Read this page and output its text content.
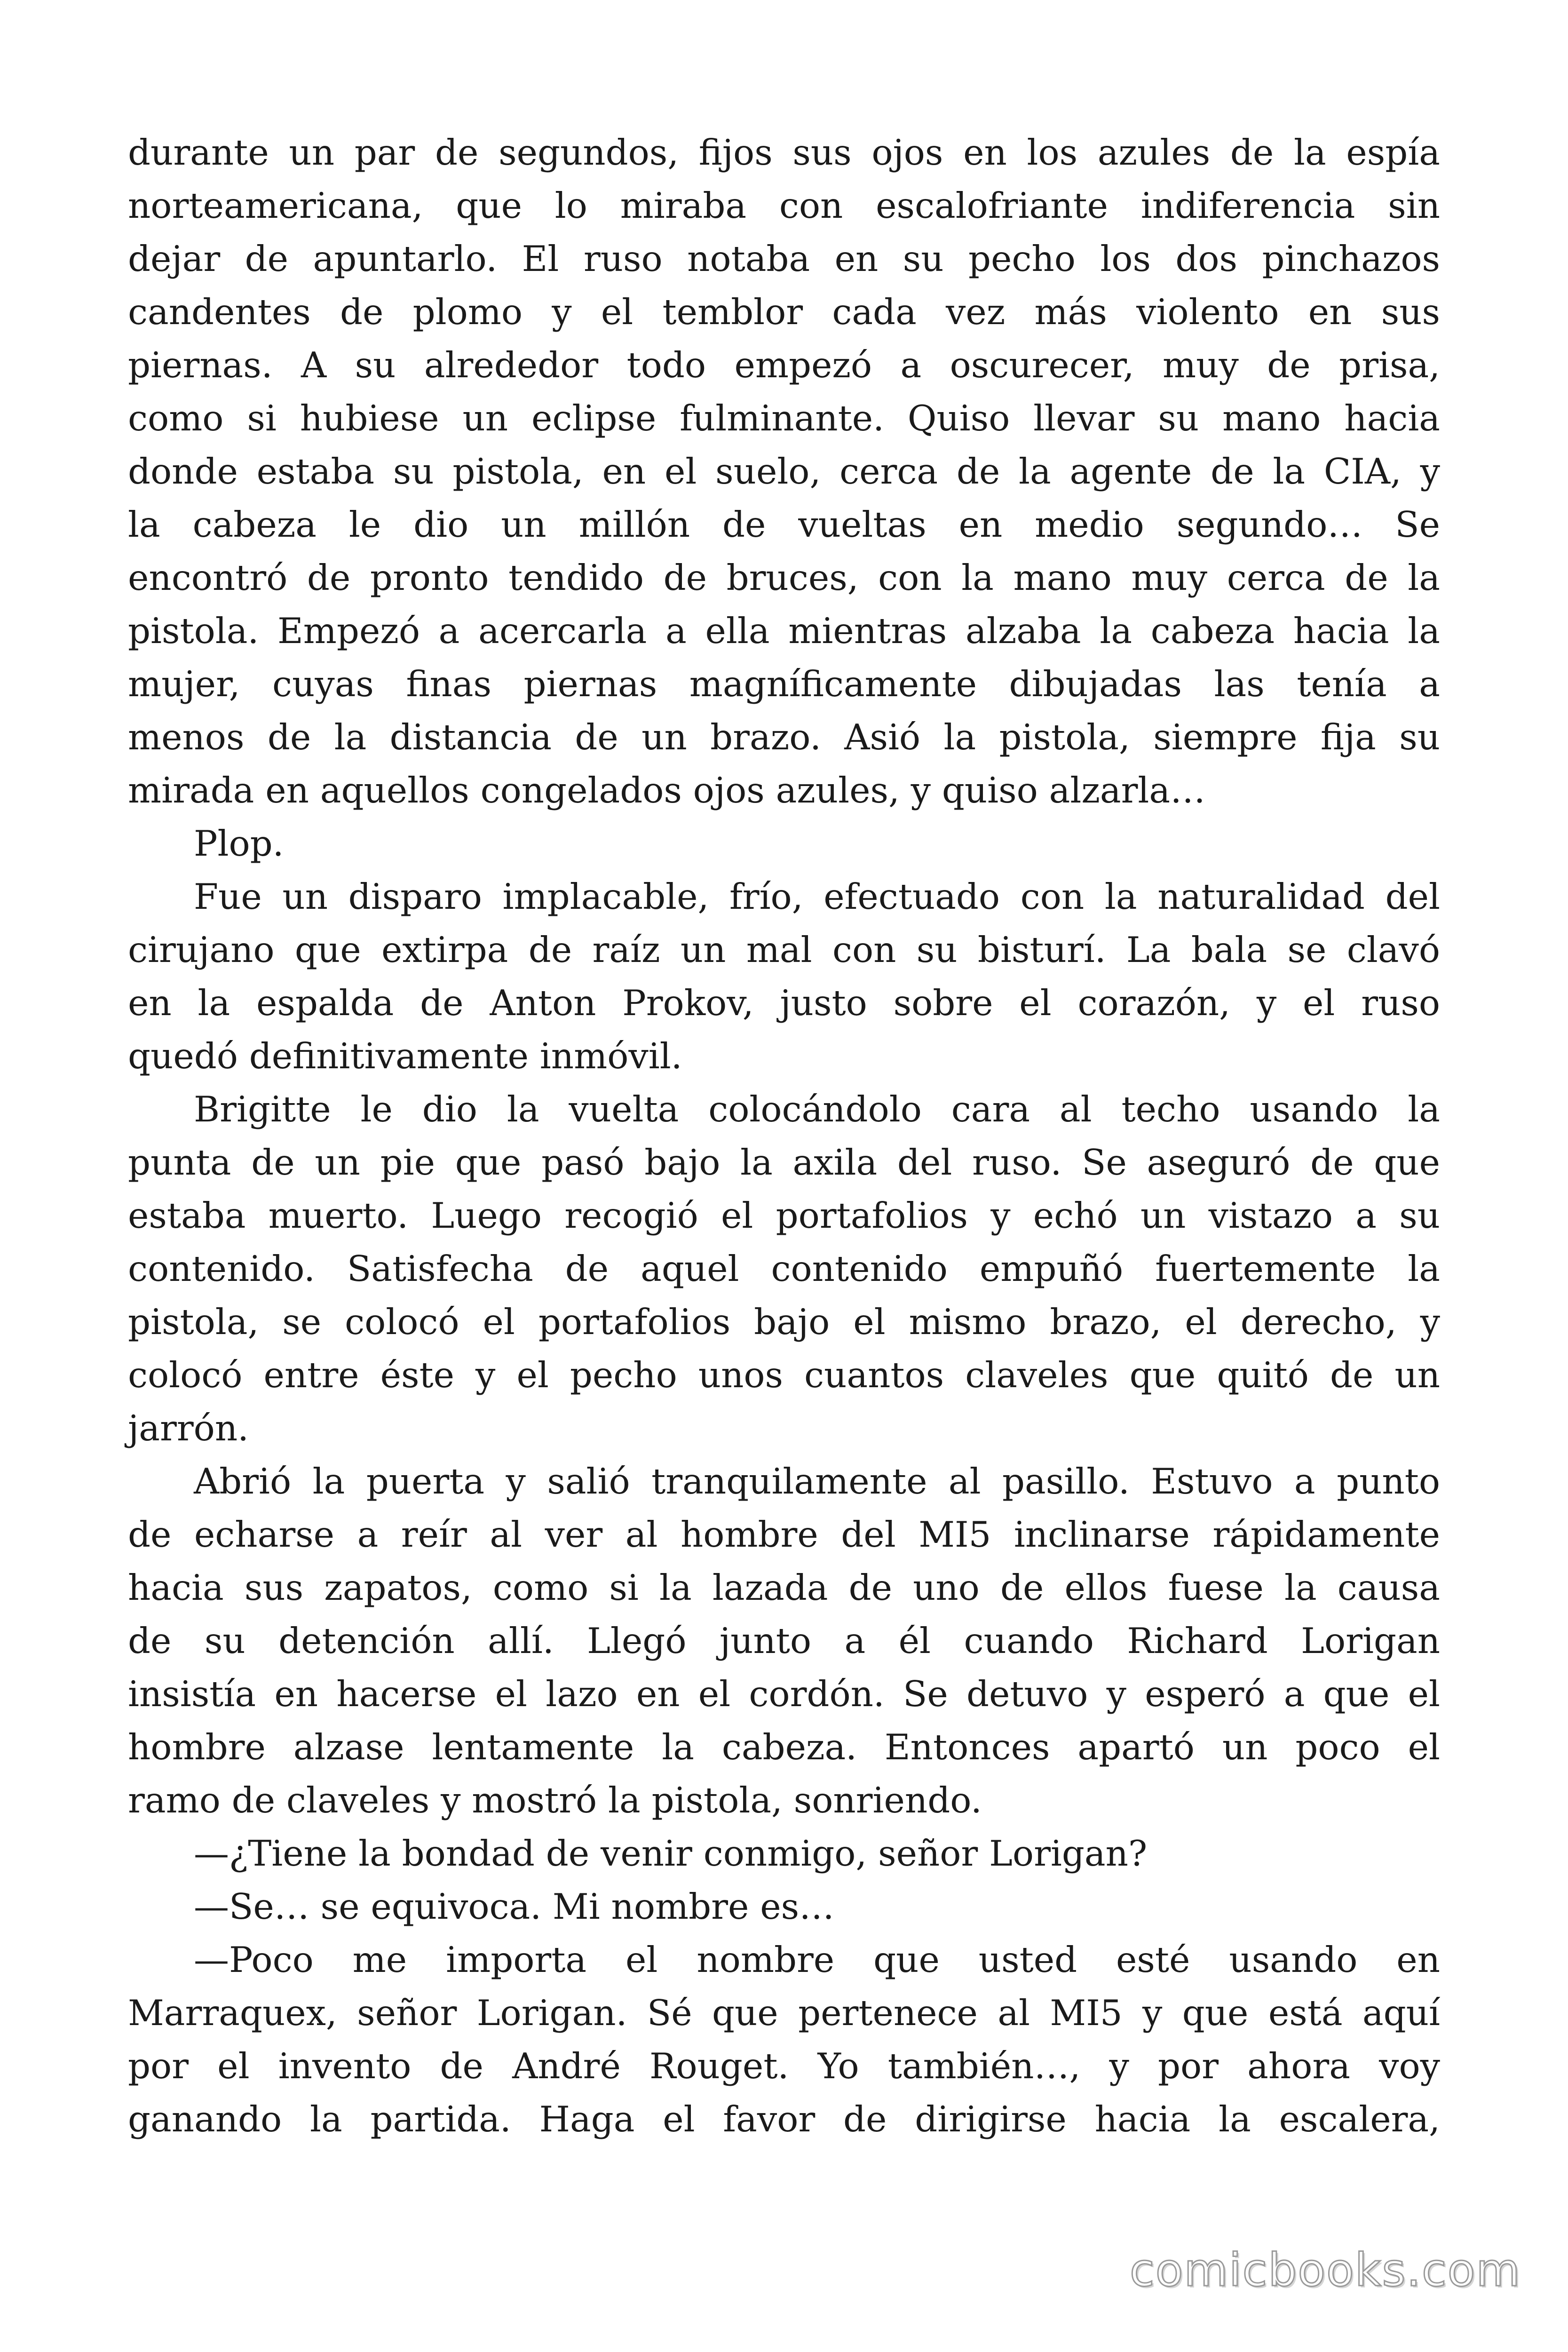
durante un par de segundos, fijos sus ojos en los azules de la espía
norteamericana, que lo miraba con escalofriante indiferencia sin
dejar de apuntarlo. El ruso notaba en su pecho los dos pinchazos
candentes de plomo y el temblor cada vez más violento en sus
piernas. A su alrededor todo empezó a oscurecer, muy de prisa,
como si hubiese un eclipse fulminante. Quiso llevar su mano hacia
donde estaba su pistola, en el suelo, cerca de la agente de la CIA, y
la cabeza le dio un millón de vueltas en medio segundo… Se
encontró de pronto tendido de bruces, con la mano muy cerca de la
pistola. Empezó a acercarla a ella mientras alzaba la cabeza hacia la
mujer, cuyas finas piernas magníficamente dibujadas las tenía a
menos de la distancia de un brazo. Asió la pistola, siempre fija su
mirada en aquellos congelados ojos azules, y quiso alzarla…
Plop.
Fue un disparo implacable, frío, efectuado con la naturalidad del
cirujano que extirpa de raíz un mal con su bisturí. La bala se clavó
en la espalda de Anton Prokov, justo sobre el corazón, y el ruso
quedó definitivamente inmóvil.
Brigitte le dio la vuelta colocándolo cara al techo usando la
punta de un pie que pasó bajo la axila del ruso. Se aseguró de que
estaba muerto. Luego recogió el portafolios y echó un vistazo a su
contenido. Satisfecha de aquel contenido empuñó fuertemente la
pistola, se colocó el portafolios bajo el mismo brazo, el derecho, y
colocó entre éste y el pecho unos cuantos claveles que quitó de un
jarrón.
Abrió la puerta y salió tranquilamente al pasillo. Estuvo a punto
de echarse a reír al ver al hombre del MI5 inclinarse rápidamente
hacia sus zapatos, como si la lazada de uno de ellos fuese la causa
de su detención allí. Llegó junto a él cuando Richard Lorigan
insistía en hacerse el lazo en el cordón. Se detuvo y esperó a que el
hombre alzase lentamente la cabeza. Entonces apartó un poco el
ramo de claveles y mostró la pistola, sonriendo.
—¿Tiene la bondad de venir conmigo, señor Lorigan?
—Se… se equivoca. Mi nombre es…
—Poco me importa el nombre que usted esté usando en
Marraquex, señor Lorigan. Sé que pertenece al MI5 y que está aquí
por el invento de André Rouget. Yo también…, y por ahora voy
ganando la partida. Haga el favor de dirigirse hacia la escalera,
comicbooks.com
